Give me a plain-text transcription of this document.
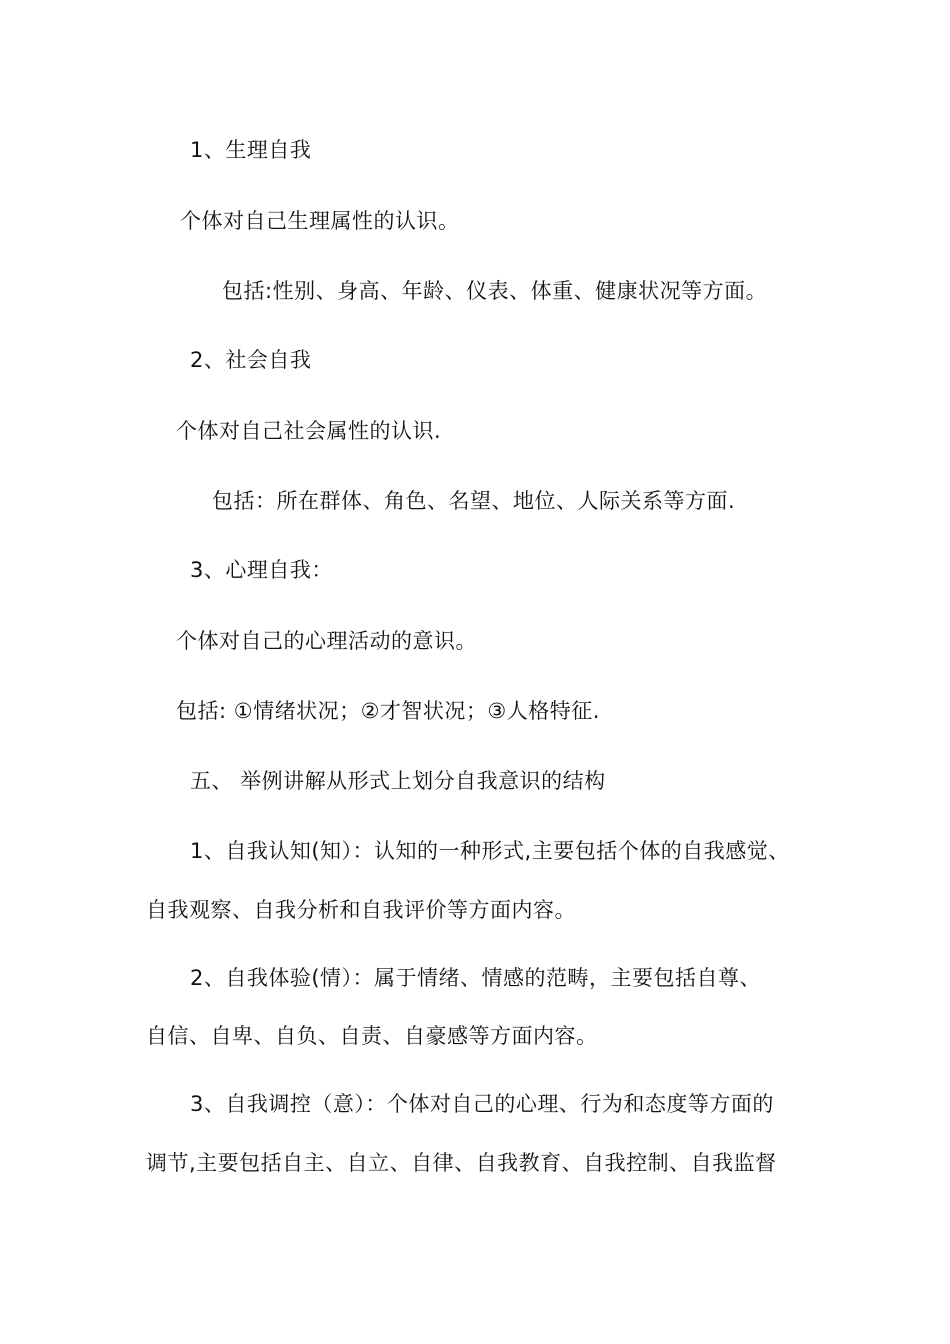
1、生理自我
个体对自己生理属性的认识。
包括:性别、身高、年龄、仪表、体重、健康状况等方面。
2、社会自我
个体对自己社会属性的认识.
包括：所在群体、角色、名望、地位、人际关系等方面.
3、心理自我：
个体对自己的心理活动的意识。
包括: ①情绪状况；②才智状况；③人格特征.
五、 举例讲解从形式上划分自我意识的结构
1、自我认知(知）：认知的一种形式,主要包括个体的自我感觉、
自我观察、自我分析和自我评价等方面内容。
2、自我体验(情）：属于情绪、情感的范畴，主要包括自尊、
自信、自卑、自负、自责、自豪感等方面内容。
3、自我调控（意）：个体对自己的心理、行为和态度等方面的
调节,主要包括自主、自立、自律、自我教育、自我控制、自我监督
